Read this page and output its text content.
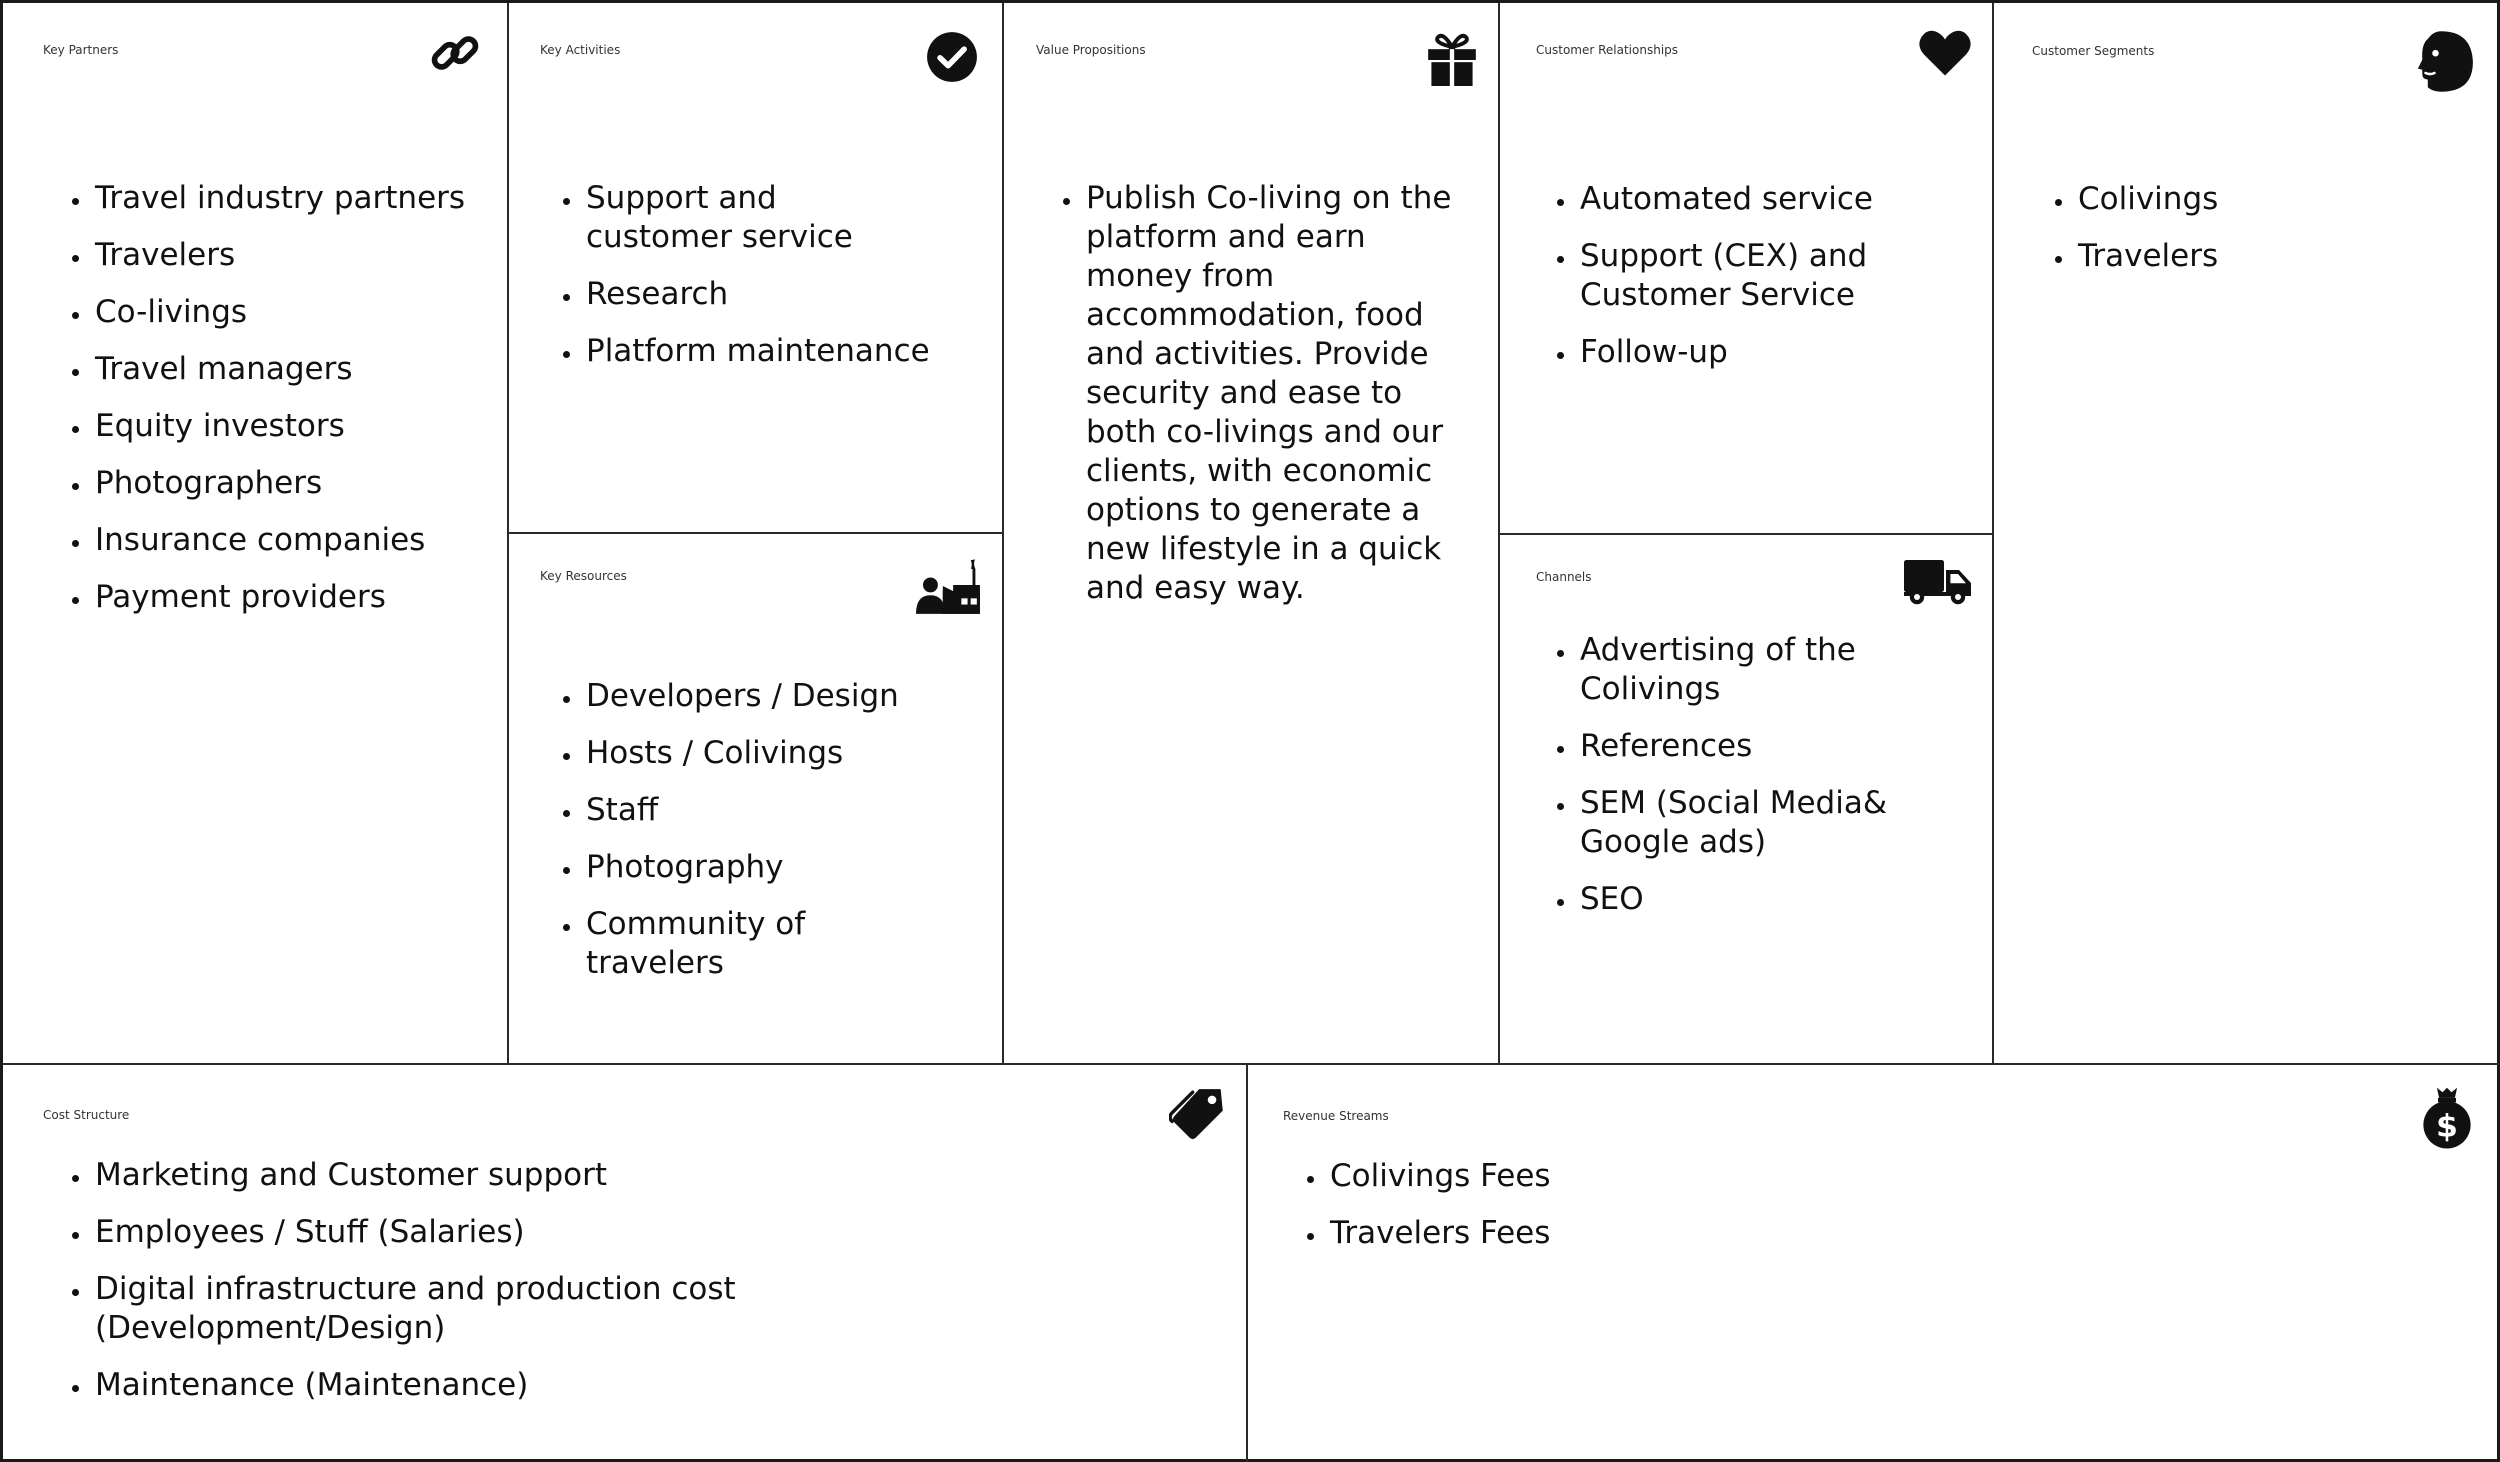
Key Partners
• Travel industry partners
• Travelers
• Co-livings
• Travel managers
• Equity investors
• Photographers
• Insurance companies
• Payment providers
Key Activities
• Support and customer service
• Research
• Platform maintenance
Key Resources
• Developers / Design
• Hosts / Colivings
• Staff
• Photography
• Community of travelers
Value Propositions
• Publish Co-living on the platform and earn money from accommodation, food and activities. Provide security and ease to both co-livings and our clients, with economic options to generate a new lifestyle in a quick and easy way.
Customer Relationships
• Automated service
• Support (CEX) and Customer Service
• Follow-up
Channels
• Advertising of the Colivings
• References
• SEM (Social Media& Google ads)
• SEO
Customer Segments
• Colivings
• Travelers
Cost Structure
• Marketing and Customer support
• Employees / Stuff (Salaries)
• Digital infrastructure and production cost (Development/Design)
• Maintenance (Maintenance)
Revenue Streams	$
• Colivings Fees
• Travelers Fees
